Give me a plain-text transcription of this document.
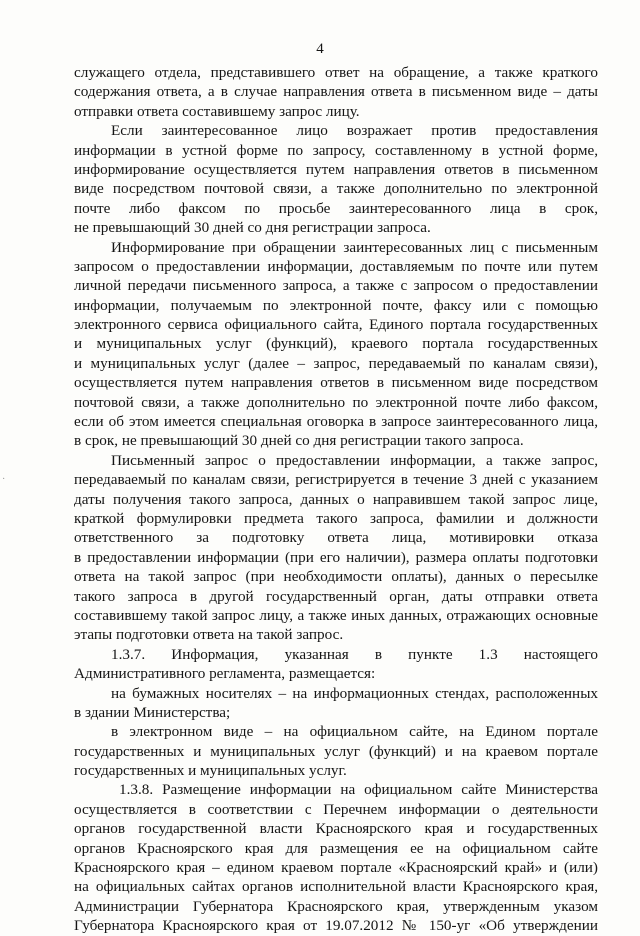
4
служащего отдела, представившего ответ на обращение, а также краткого
содержания ответа, а в случае направления ответа в письменном виде – даты
отправки ответа составившему запрос лицу.
Если заинтересованное лицо возражает против предоставления
информации в устной форме по запросу, составленному в устной форме,
информирование осуществляется путем направления ответов в письменном
виде посредством почтовой связи, а также дополнительно по электронной
почте либо факсом по просьбе заинтересованного лица в срок,
не превышающий 30 дней со дня регистрации запроса.
Информирование при обращении заинтересованных лиц с письменным
запросом о предоставлении информации, доставляемым по почте или путем
личной передачи письменного запроса, а также с запросом о предоставлении
информации, получаемым по электронной почте, факсу или с помощью
электронного сервиса официального сайта, Единого портала государственных
и муниципальных услуг (функций), краевого портала государственных
и муниципальных услуг (далее – запрос, передаваемый по каналам связи),
осуществляется путем направления ответов в письменном виде посредством
почтовой связи, а также дополнительно по электронной почте либо факсом,
если об этом имеется специальная оговорка в запросе заинтересованного лица,
в срок, не превышающий 30 дней со дня регистрации такого запроса.
Письменный запрос о предоставлении информации, а также запрос,
передаваемый по каналам связи, регистрируется в течение 3 дней с указанием
даты получения такого запроса, данных о направившем такой запрос лице,
краткой формулировки предмета такого запроса, фамилии и должности
ответственного за подготовку ответа лица, мотивировки отказа
в предоставлении информации (при его наличии), размера оплаты подготовки
ответа на такой запрос (при необходимости оплаты), данных о пересылке
такого запроса в другой государственный орган, даты отправки ответа
составившему такой запрос лицу, а также иных данных, отражающих основные
этапы подготовки ответа на такой запрос.
1.3.7. Информация, указанная в пункте 1.3 настоящего
Административного регламента, размещается:
на бумажных носителях – на информационных стендах, расположенных
в здании Министерства;
в электронном виде – на официальном сайте, на Едином портале
государственных и муниципальных услуг (функций) и на краевом портале
государственных и муниципальных услуг.
1.3.8. Размещение информации на официальном сайте Министерства
осуществляется в соответствии с Перечнем информации о деятельности
органов государственной власти Красноярского края и государственных
органов Красноярского края для размещения ее на официальном сайте
Красноярского края – едином краевом портале «Красноярский край» и (или)
на официальных сайтах органов исполнительной власти Красноярского края,
Администрации Губернатора Красноярского края, утвержденным указом
Губернатора Красноярского края от 19.07.2012 № 150-уг «Об утверждении
·
